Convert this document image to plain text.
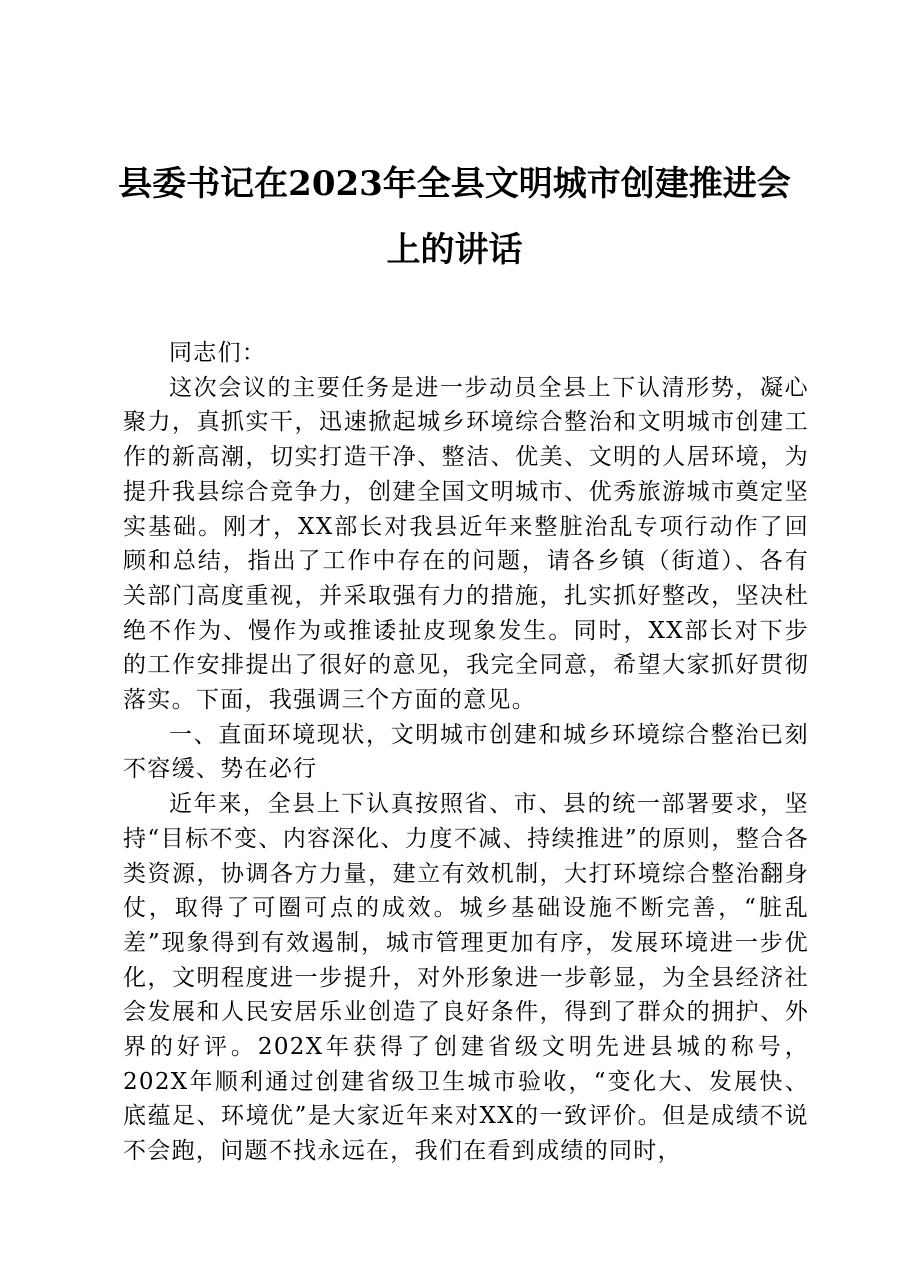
县委书记在2023年全县文明城市创建推进会
上的讲话

同志们：

这次会议的主要任务是进一步动员全县上下认清形势，凝心聚力，真抓实干，迅速掀起城乡环境综合整治和文明城市创建工作的新高潮，切实打造干净、整洁、优美、文明的人居环境，为提升我县综合竞争力，创建全国文明城市、优秀旅游城市奠定坚实基础。刚才，XX部长对我县近年来整脏治乱专项行动作了回顾和总结，指出了工作中存在的问题，请各乡镇（街道）、各有关部门高度重视，并采取强有力的措施，扎实抓好整改，坚决杜绝不作为、慢作为或推诿扯皮现象发生。同时，XX部长对下步的工作安排提出了很好的意见，我完全同意，希望大家抓好贯彻落实。下面，我强调三个方面的意见。

一、直面环境现状，文明城市创建和城乡环境综合整治已刻不容缓、势在必行

近年来，全县上下认真按照省、市、县的统一部署要求，坚持“目标不变、内容深化、力度不减、持续推进”的原则，整合各类资源，协调各方力量，建立有效机制，大打环境综合整治翻身仗，取得了可圈可点的成效。城乡基础设施不断完善，“脏乱差”现象得到有效遏制，城市管理更加有序，发展环境进一步优化，文明程度进一步提升，对外形象进一步彰显，为全县经济社会发展和人民安居乐业创造了良好条件，得到了群众的拥护、外界的好评。202X年获得了创建省级文明先进县城的称号，202X年顺利通过创建省级卫生城市验收，“变化大、发展快、底蕴足、环境优”是大家近年来对XX的一致评价。但是成绩不说不会跑，问题不找永远在，我们在看到成绩的同时，
